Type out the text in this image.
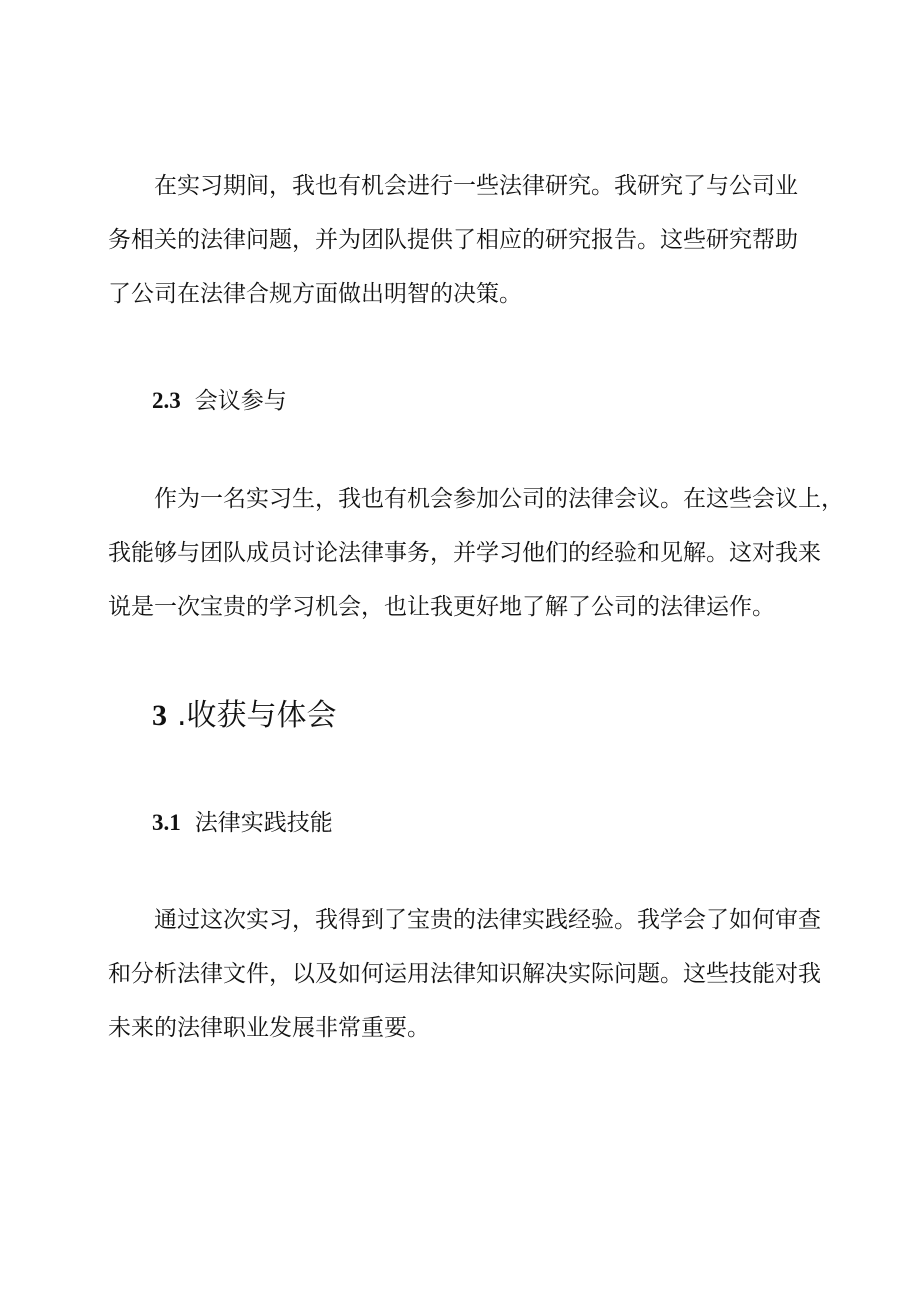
在实习期间，我也有机会进行一些法律研究。我研究了与公司业
务相关的法律问题，并为团队提供了相应的研究报告。这些研究帮助
了公司在法律合规方面做出明智的决策。

2.3 会议参与

作为一名实习生，我也有机会参加公司的法律会议。在这些会议上，
我能够与团队成员讨论法律事务，并学习他们的经验和见解。这对我来
说是一次宝贵的学习机会，也让我更好地了解了公司的法律运作。

3 .收获与体会
3.1 法律实践技能

通过这次实习，我得到了宝贵的法律实践经验。我学会了如何审查
和分析法律文件，以及如何运用法律知识解决实际问题。这些技能对我
未来的法律职业发展非常重要。
